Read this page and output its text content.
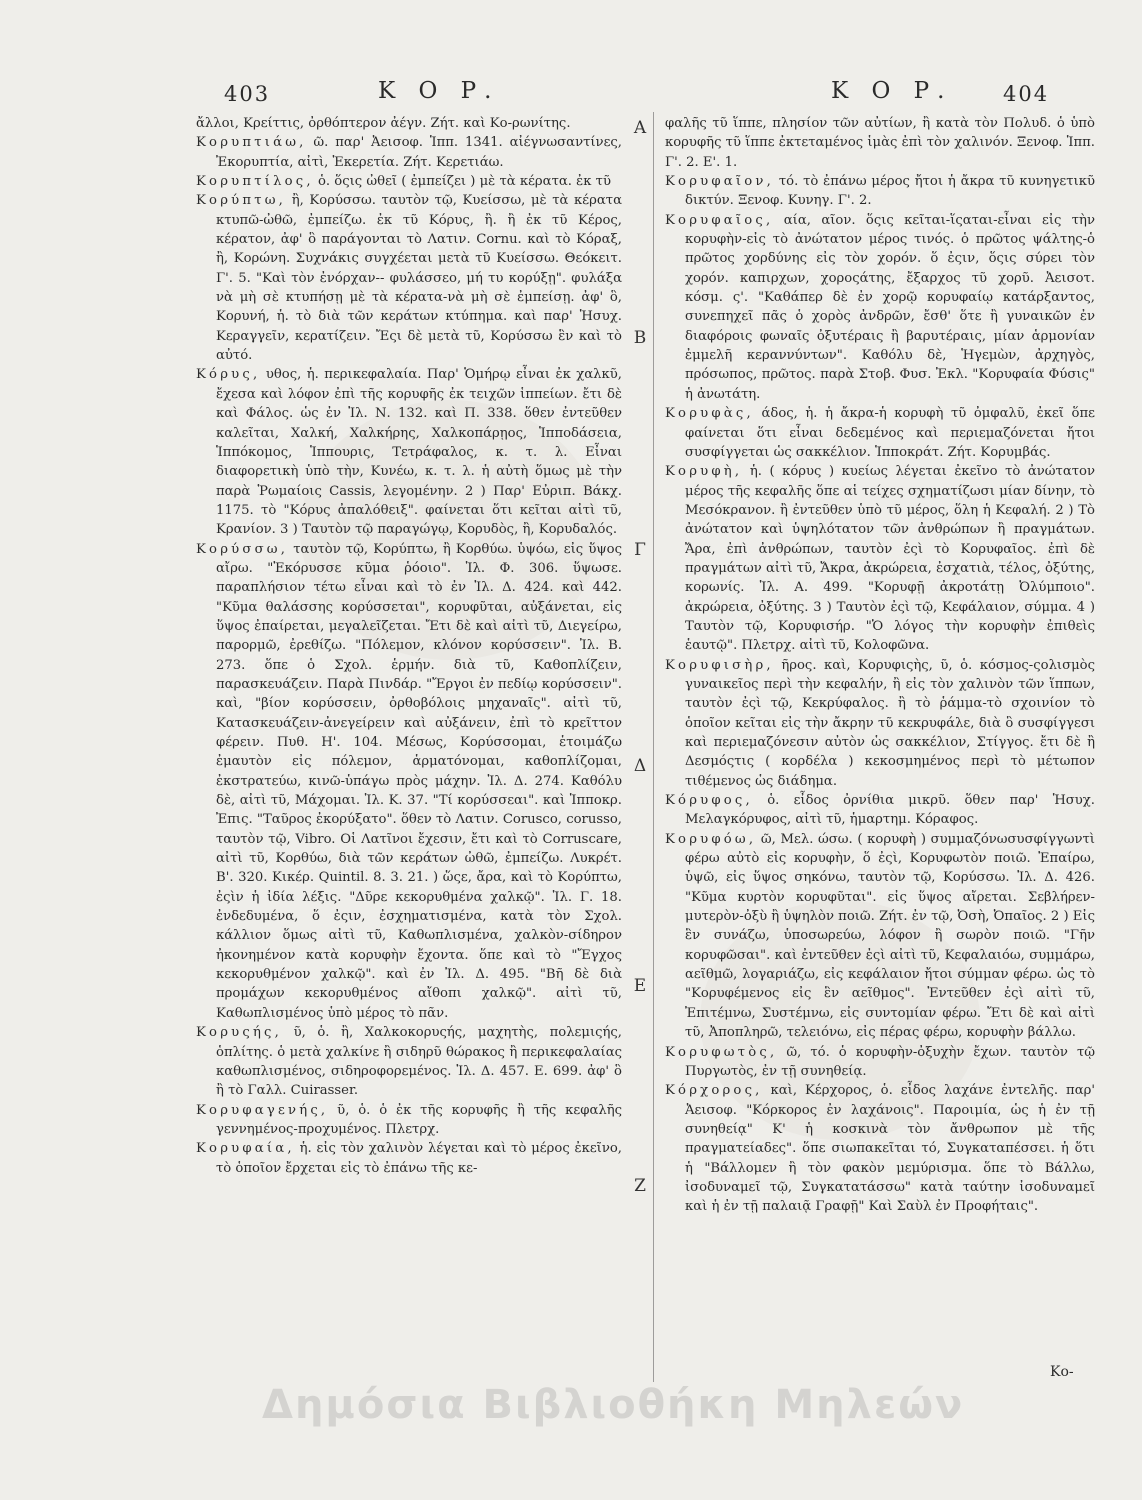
403	Κ Ο Ρ.	Κ Ο Ρ. 404

ἄλλοι, Κρείττις, ὀρθόπτερον ἀέγν. Ζήτ. καὶ Κο-ρωνίτης.

Κορυπτιάω, ῶ. παρ' Ἀεισοφ. Ἱππ. 1341. αἰέγνωσαντίνες, Ἐκορυπτία, αἰτὶ, Ἐκερετία. Ζήτ. Κερετιάω.

Κορυπτίλος, ὁ. ὅςις ὠθεῖ ( ἐμπείζει ) μὲ τὰ κέρατα. ἐκ τῦ

Κορύπτω, ἢ, Κορύσσω. ταυτὸν τῷ, Κυείσσω, μὲ τὰ κέρατα κτυπῶ-ὠθῶ, ἐμπείζω. ἐκ τῦ Κόρυς, ἢ. ἢ ἐκ τῦ Κέρος, κέρατον, ἀφ' ὃ παράγονται τὸ Λατιν. Cornu. καὶ τὸ Κόραξ, ἢ, Κορώνη. Συχνάκις συγχέεται μετὰ τῦ Κυείσσω. Θεόκειτ. Γ'. 5. "Καὶ τὸν ἐνόρχαν-- φυλάσσεο, μή τυ κορύξῃ". φυλάξα νὰ μὴ σὲ κτυπήσῃ μὲ τὰ κέρατα-νὰ μὴ σὲ ἐμπείσῃ. ἀφ' ὃ, Κορυνή, ἡ. τὸ διὰ τῶν κεράτων κτύπημα. καὶ παρ' Ἡσυχ. Κεραγγεῖν, κερατίζειν. Ἔςι δὲ μετὰ τῦ, Κορύσσω ἓν καὶ τὸ αὐτό.

Κόρυς, υθος, ἡ. περικεφαλαία. Παρ' Ὁμήρῳ εἶναι ἐκ χαλκῦ, ἔχεσα καὶ λόφον ἐπὶ τῆς κορυφῆς ἐκ τειχῶν ἱππείων. ἔτι δὲ καὶ Φάλος. ὡς ἐν Ἰλ. Ν. 132. καὶ Π. 338. ὅθεν ἐντεῦθεν καλεῖται, Χαλκή, Χαλκήρης, Χαλκοπάρῃος, Ἱπποδάσεια, Ἱππόκομος, Ἱππουρις, Τετράφαλος, κ. τ. λ. Εἶναι διαφορετικὴ ὑπὸ τὴν, Κυνέω, κ. τ. λ. ἡ αὐτὴ ὅμως μὲ τὴν παρὰ Ῥωμαίοις Cassis, λεγομένην. 2 ) Παρ' Εὐριπ. Βάκχ. 1175. τὸ "Κόρυς ἀπαλόθειξ". φαίνεται ὅτι κεῖται αἰτὶ τῦ, Κρανίον. 3 ) Ταυτὸν τῷ παραγώγῳ, Κορυδὸς, ἢ, Κορυδαλός.

Κορύσσω, ταυτὸν τῷ, Κορύπτω, ἢ Κορθύω. ὑψόω, εἰς ὕψος αἴρω. "Ἐκόρυσσε κῦμα ῥόοιο". Ἰλ. Φ. 306. ὕψωσε. παραπλήσιον τέτω εἶναι καὶ τὸ ἐν Ἰλ. Δ. 424. καὶ 442. "Κῦμα θαλάσσης κορύσσεται", κορυφῦται, αὐξάνεται, εἰς ὕψος ἐπαίρεται, μεγαλεῖζεται. Ἔτι δὲ καὶ αἰτὶ τῦ, Διεγείρω, παρορμῶ, ἐρεθίζω. "Πόλεμον, κλόνον κορύσσειν". Ἰλ. Β. 273. ὅπε ὁ Σχολ. ἑρμήν. διὰ τῦ, Καθοπλίζειν, παρασκευάζειν. Παρὰ Πινδάρ. "Ἔργοι ἐν πεδίῳ κορύσσειν". καὶ, "βίον κορύσσειν, ὀρθοβόλοις μηχαναῖς". αἰτὶ τῦ, Κατασκευάζειν-ἀνεγείρειν καὶ αὐξάνειν, ἐπὶ τὸ κρεῖττον φέρειν. Πυθ. Η'. 104. Μέσως, Κορύσσομαι, ἑτοιμάζω ἐμαυτὸν εἰς πόλεμον, ἁρματόνομαι, καθοπλίζομαι, ἐκστρατεύω, κινῶ-ὑπάγω πρὸς μάχην. Ἰλ. Δ. 274. Καθόλυ δὲ, αἰτὶ τῦ, Μάχομαι. Ἰλ. Κ. 37. "Τί κορύσσεαι". καὶ Ἱπποκρ. Ἐπις. "Ταῦρος ἐκορύξατο". ὅθεν τὸ Λατιν. Corusco, corusso, ταυτὸν τῷ, Vibro. Οἱ Λατῖνοι ἔχεσιν, ἔτι καὶ τὸ Corruscare, αἰτὶ τῦ, Κορθύω, διὰ τῶν κεράτων ὠθῶ, ἐμπείζω. Λυκρέτ. Β'. 320. Κικέρ. Quintil. 8. 3. 21. ) ὥςε, ἄρα, καὶ τὸ Κορύπτω, ἐςὶν ἡ ἰδία λέξις. "Δῦρε κεκορυθμένα χαλκῷ". Ἰλ. Γ. 18. ἐνδεδυμένα, ὅ ἐςιν, ἐσχηματισμένα, κατὰ τὸν Σχολ. κάλλιον ὅμως αἰτὶ τῦ, Καθωπλισμένα, χαλκὸν-σίδηρον ἠκονημένον κατὰ κορυφὴν ἔχοντα. ὅπε καὶ τὸ "Ἔγχος κεκορυθμένον χαλκῷ". καὶ ἐν Ἰλ. Δ. 495. "Βῆ δὲ διὰ προμάχων κεκορυθμένος αἴθοπι χαλκῷ". αἰτὶ τῦ, Καθωπλισμένος ὑπὸ μέρος τὸ πᾶν.

Κορυςής, ῦ, ὁ. ἢ, Χαλκοκορυςής, μαχητὴς, πολεμιςής, ὁπλίτης. ὁ μετὰ χαλκίνε ἢ σιδηρῦ θώρακος ἢ περικεφαλαίας καθωπλισμένος, σιδηροφορεμένος. Ἰλ. Δ. 457. Ε. 699. ἀφ' ὃ ἢ τὸ Γαλλ. Cuirasser.

Κορυφαγενής, ῦ, ὁ. ὁ ἐκ τῆς κορυφῆς ἢ τῆς κεφαλῆς γεννημένος-προχυμένος. Πλετρχ.

Κορυφαία, ἡ. εἰς τὸν χαλινὸν λέγεται καὶ τὸ μέρος ἐκεῖνο, τὸ ὁποῖον ἔρχεται εἰς τὸ ἐπάνω τῆς κε-

Α
Β
Γ
Δ
Ε
Ζ

φαλῆς τῦ ἵππε, πλησίον τῶν αὐτίων, ἢ κατὰ τὸν Πολυδ. ὁ ὑπὸ κορυφῆς τῦ ἵππε ἐκτεταμένος ἱμὰς ἐπὶ τὸν χαλινόν. Ξενοφ. Ἱππ. Γ'. 2. Ε'. 1.

Κορυφαῖον, τό. τὸ ἐπάνω μέρος ἤτοι ἡ ἄκρα τῦ κυνηγετικῦ δικτύν. Ξενοφ. Κυνηγ. Γ'. 2.

Κορυφαῖος, αία, αῖον. ὅςις κεῖται-ἵςαται-εἶναι εἰς τὴν κορυφὴν-εἰς τὸ ἀνώτατον μέρος τινός. ὁ πρῶτος ψάλτης-ὁ πρῶτος χορδύνης εἰς τὸν χορόν. ὅ ἐςιν, ὅςις σύρει τὸν χορόν. καπιρχων, χοροςάτης, ἔξαρχος τῦ χορῦ. Ἀεισοτ. κόσμ. ς'. "Καθάπερ δὲ ἐν χορῷ κορυφαίῳ κατάρξαντος, συνεπηχεῖ πᾶς ὁ χορὸς ἀνδρῶν, ἔσθ' ὅτε ἢ γυναικῶν ἐν διαφόροις φωναῖς ὀξυτέραις ἢ βαρυτέραις, μίαν ἁρμονίαν ἐμμελῆ κεραννύντων". Καθόλυ δὲ, Ἡγεμὼν, ἀρχηγὸς, πρόσωπος, πρῶτος. παρὰ Στοβ. Φυσ. Ἐκλ. "Κορυφαία Φύσις" ἡ ἀνωτάτη.

Κορυφὰς, άδος, ἡ. ἡ ἄκρα-ἡ κορυφὴ τῦ ὀμφαλῦ, ἐκεῖ ὅπε φαίνεται ὅτι εἶναι δεδεμένος καὶ περιεμαζόνεται ἤτοι συσφίγγεται ὡς σακκέλιον. Ἱπποκράτ. Ζήτ. Κορυμβάς.

Κορυφὴ, ἡ. ( κόρυς ) κυείως λέγεται ἐκεῖνο τὸ ἀνώτατον μέρος τῆς κεφαλῆς ὅπε αἱ τείχες σχηματίζωσι μίαν δίνην, τὸ Μεσόκρανον. ἢ ἐντεῦθεν ὑπὸ τῦ μέρος, ὅλη ἡ Κεφαλή. 2 ) Τὸ ἀνώτατον καὶ ὑψηλότατον τῶν ἀνθρώπων ἢ πραγμάτων. Ἄρα, ἐπὶ ἀνθρώπων, ταυτὸν ἐςὶ τὸ Κορυφαῖος. ἐπὶ δὲ πραγμάτων αἰτὶ τῦ, Ἄκρα, ἀκρώρεια, ἐσχατιὰ, τέλος, ὀξύτης, κορωνίς. Ἰλ. Α. 499. "Κορυφῇ ἀκροτάτῃ Ὀλύμποιο". ἀκρώρεια, ὀξύτης. 3 ) Ταυτὸν ἐςὶ τῷ, Κεφάλαιον, σύμμα. 4 ) Ταυτὸν τῷ, Κορυφισήρ. "Ὁ λόγος τὴν κορυφὴν ἐπιθεὶς ἑαυτῷ". Πλετρχ. αἰτὶ τῦ, Κολοφῶνα.

Κορυφισὴρ, ῆρος. καὶ, Κορυφιςὴς, ῦ, ὁ. κόσμος-ςολισμὸς γυναικεῖος περὶ τὴν κεφαλήν, ἢ εἰς τὸν χαλινὸν τῶν ἵππων, ταυτὸν ἐςὶ τῷ, Κεκρύφαλος. ἢ τὸ ῥάμμα-τὸ σχοινίον τὸ ὁποῖον κεῖται εἰς τὴν ἄκρην τῦ κεκρυφάλε, διὰ ὃ συσφίγγεσι καὶ περιεμαζόνεσιν αὐτὸν ὡς σακκέλιον, Στίγγος. ἔτι δὲ ἢ Δεσμόςτις ( κορδέλα ) κεκοσμημένος περὶ τὸ μέτωπον τιθέμενος ὡς διάδημα.

Κόρυφος, ὁ. εἶδος ὀρνίθια μικρῦ. ὅθεν παρ' Ἡσυχ. Μελαγκόρυφος, αἰτὶ τῦ, ἡμαρτημ. Κόραφος.

Κορυφόω, ῶ, Μελ. ώσω. ( κορυφὴ ) συμμαζόνωσυσφίγγωντὶ φέρω αὐτὸ εἰς κορυφὴν, ὅ ἐςὶ, Κορυφωτὸν ποιῶ. Ἐπαίρω, ὑψῶ, εἰς ὕψος σηκόνω, ταυτὸν τῷ, Κορύσσω. Ἰλ. Δ. 426. "Κῦμα κυρτὸν κορυφῦται". εἰς ὕψος αἴρεται. Σεβλήρεν-μυτερὸν-ὀξὺ ἢ ὑψηλὸν ποιῶ. Ζήτ. ἐν τῷ, Ὀσὴ, Ὀπαῖος. 2 ) Εἰς ἓν συνάζω, ὑποσωρεύω, λόφον ἢ σωρὸν ποιῶ. "Γῆν κορυφῶσαι". καὶ ἐντεῦθεν ἐςὶ αἰτὶ τῦ, Κεφαλαιόω, συμμάρω, αεῖθμῶ, λογαριάζω, εἰς κεφάλαιον ἤτοι σύμμαν φέρω. ὡς τὸ "Κορυφέμενος εἰς ἓν αεῖθμος". Ἐντεῦθεν ἐςὶ αἰτὶ τῦ, Ἐπιτέμνω, Συστέμνω, εἰς συντομίαν φέρω. Ἔτι δὲ καὶ αἰτὶ τῦ, Ἀποπληρῶ, τελειόνω, εἰς πέρας φέρω, κορυφὴν βάλλω.

Κορυφωτὸς, ῶ, τό. ὁ κορυφὴν-ὀξυχὴν ἔχων. ταυτὸν τῷ Πυργωτὸς, ἐν τῇ συνηθείᾳ.

Κόρχορος, καὶ, Κέρχορος, ὁ. εἶδος λαχάνε ἐντελῆς. παρ' Ἀεισοφ. "Κόρκορος ἐν λαχάνοις". Παροιμία, ὡς ἡ ἐν τῇ συνηθείᾳ" Κ' ἡ κοσκινὰ τὸν ἄνθρωπον μὲ τῆς πραγματείαδες". ὅπε σιωπακεῖται τό, Συγκαταπέσσει. ἡ ὅτι ἡ "Βάλλομεν ἢ τὸν φακὸν μεμύρισμα. ὅπε τὸ Βάλλω, ἰσοδυναμεῖ τῷ, Συγκατατάσσω" κατὰ ταύτην ἰσοδυναμεῖ καὶ ἡ ἐν τῇ παλαιᾷ Γραφῇ" Καὶ Σαὺλ ἐν Προφήταις".

Κο-
Δημόσια Βιβλιοθήκη Μηλεών
